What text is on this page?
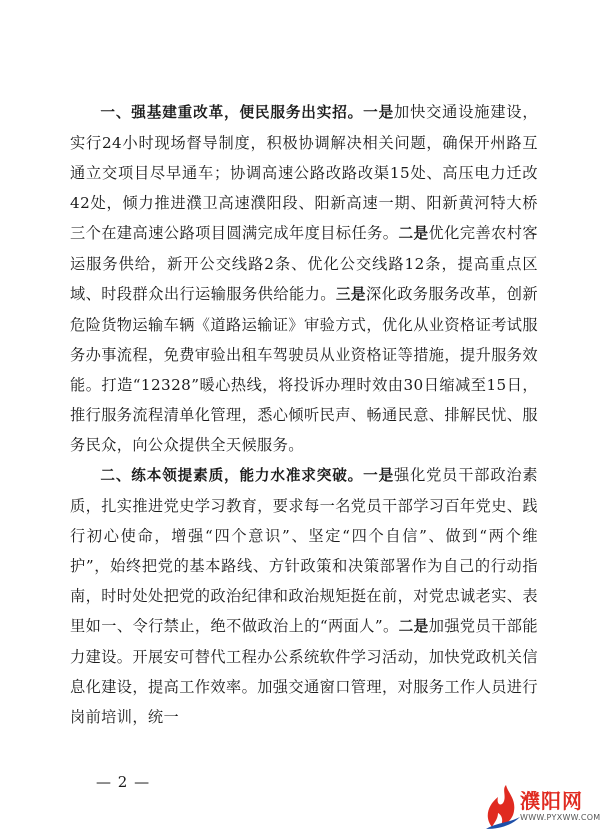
一、强基建重改革，便民服务出实招。一是加快交通设施建设，实行24小时现场督导制度，积极协调解决相关问题，确保开州路互通立交项目尽早通车；协调高速公路改路改渠15处、高压电力迁改42处，倾力推进濮卫高速濮阳段、阳新高速一期、阳新黄河特大桥三个在建高速公路项目圆满完成年度目标任务。二是优化完善农村客运服务供给，新开公交线路2条、优化公交线路12条，提高重点区域、时段群众出行运输服务供给能力。三是深化政务服务改革，创新危险货物运输车辆《道路运输证》审验方式，优化从业资格证考试服务办事流程，免费审验出租车驾驶员从业资格证等措施，提升服务效能。打造“12328”暖心热线，将投诉办理时效由30日缩减至15日，推行服务流程清单化管理，悉心倾听民声、畅通民意、排解民忧、服务民众，向公众提供全天候服务。

二、练本领提素质，能力水准求突破。一是强化党员干部政治素质，扎实推进党史学习教育，要求每一名党员干部学习百年党史、践行初心使命，增强“四个意识”、坚定“四个自信”、做到“两个维护”，始终把党的基本路线、方针政策和决策部署作为自己的行动指南，时时处处把党的政治纪律和政治规矩挺在前，对党忠诚老实、表里如一、令行禁止，绝不做政治上的“两面人”。二是加强党员干部能力建设。开展安可替代工程办公系统软件学习活动，加快党政机关信息化建设，提高工作效率。加强交通窗口管理，对服务工作人员进行岗前培训，统一

— 2 —
濮阳网
WWW.PYXWW.COM
